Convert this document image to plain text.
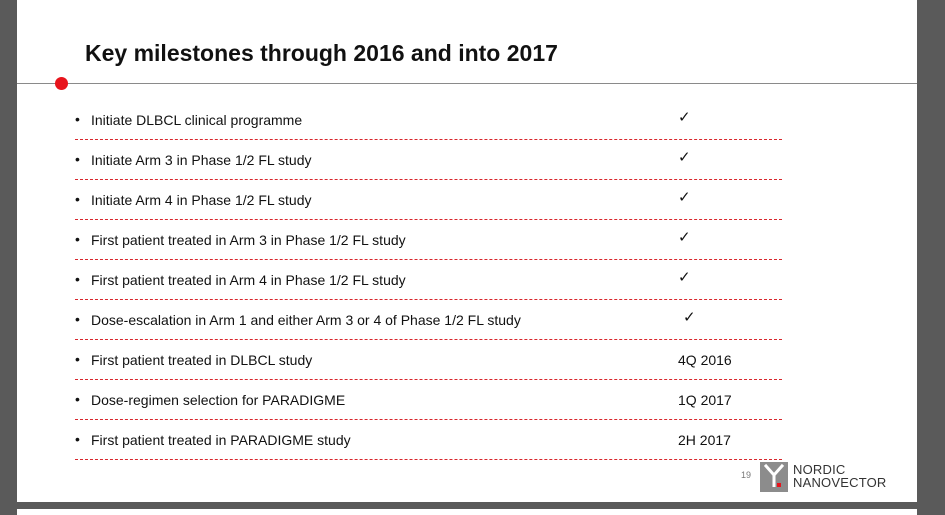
Key milestones through 2016 and into 2017
• Initiate DLBCL clinical programme	✓
• Initiate Arm 3 in Phase 1/2 FL study	✓
• Initiate Arm 4 in Phase 1/2 FL study	✓
• First patient treated in Arm 3 in Phase 1/2 FL study	✓
• First patient treated in Arm 4 in Phase 1/2 FL study	✓
• Dose-escalation in Arm 1 and either Arm 3 or 4 of Phase 1/2 FL study	✓
• First patient treated in DLBCL study	4Q 2016
• Dose-regimen selection for PARADIGME	1Q 2017
• First patient treated in PARADIGME study	2H 2017
19	NORDIC
NANOVECTOR
